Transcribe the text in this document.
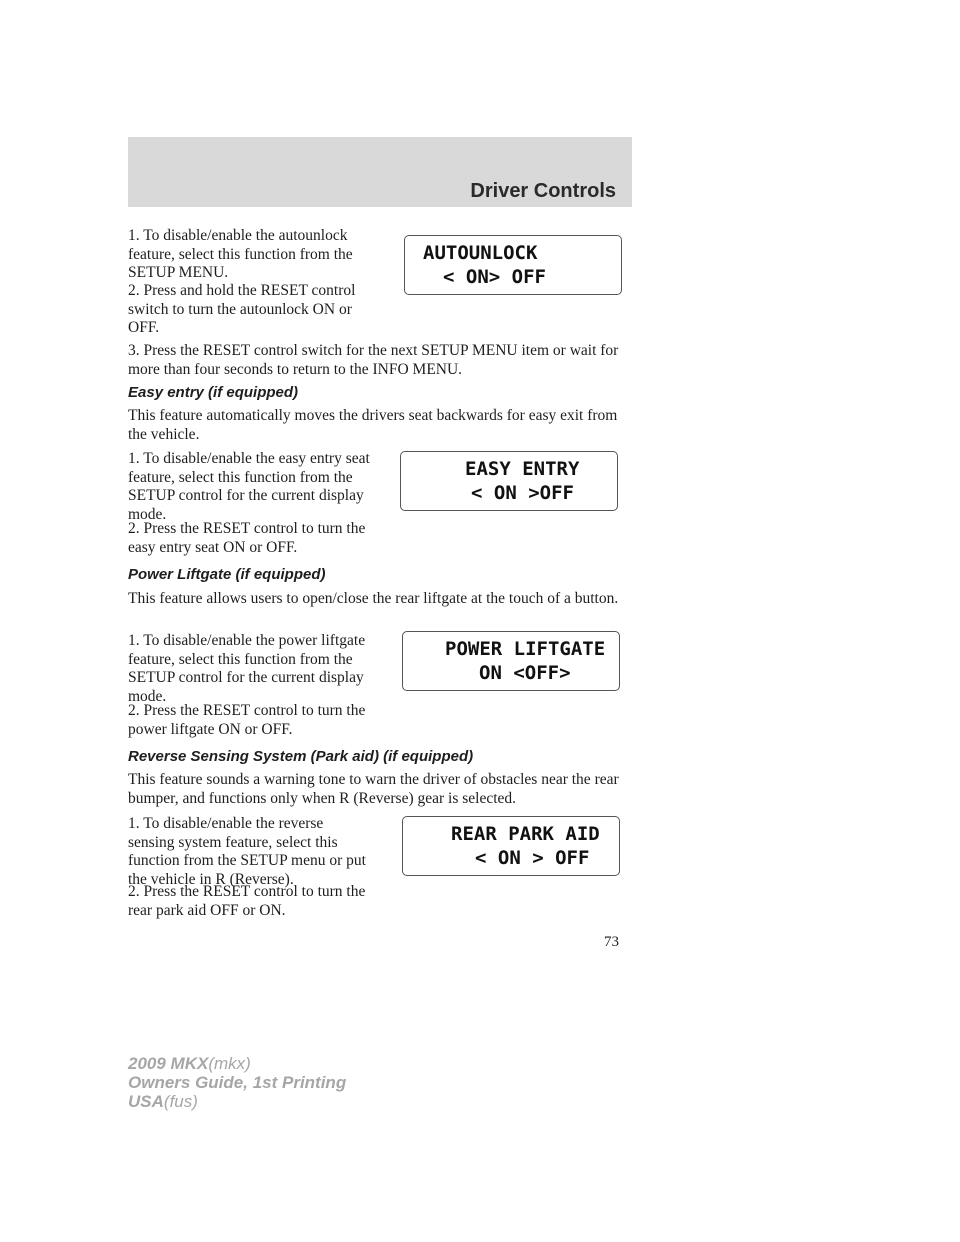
Driver Controls

1. To disable/enable the autounlock feature, select this function from the SETUP MENU.

2. Press and hold the RESET control switch to turn the autounlock ON or OFF.

3. Press the RESET control switch for the next SETUP MENU item or wait for more than four seconds to return to the INFO MENU.

AUTOUNLOCK
< ON> OFF

Easy entry (if equipped)

This feature automatically moves the drivers seat backwards for easy exit from the vehicle.

1. To disable/enable the easy entry seat feature, select this function from the SETUP control for the current display mode.

2. Press the RESET control to turn the easy entry seat ON or OFF.

EASY ENTRY
< ON >OFF

Power Liftgate (if equipped)

This feature allows users to open/close the rear liftgate at the touch of a button.

1. To disable/enable the power liftgate feature, select this function from the SETUP control for the current display mode.

2. Press the RESET control to turn the power liftgate ON or OFF.

POWER LIFTGATE
ON <OFF>

Reverse Sensing System (Park aid) (if equipped)

This feature sounds a warning tone to warn the driver of obstacles near the rear bumper, and functions only when R (Reverse) gear is selected.

1. To disable/enable the reverse sensing system feature, select this function from the SETUP menu or put the vehicle in R (Reverse).

2. Press the RESET control to turn the rear park aid OFF or ON.

REAR PARK AID
< ON > OFF
73
2009 MKX(mkx)
Owners Guide, 1st Printing
USA(fus)
